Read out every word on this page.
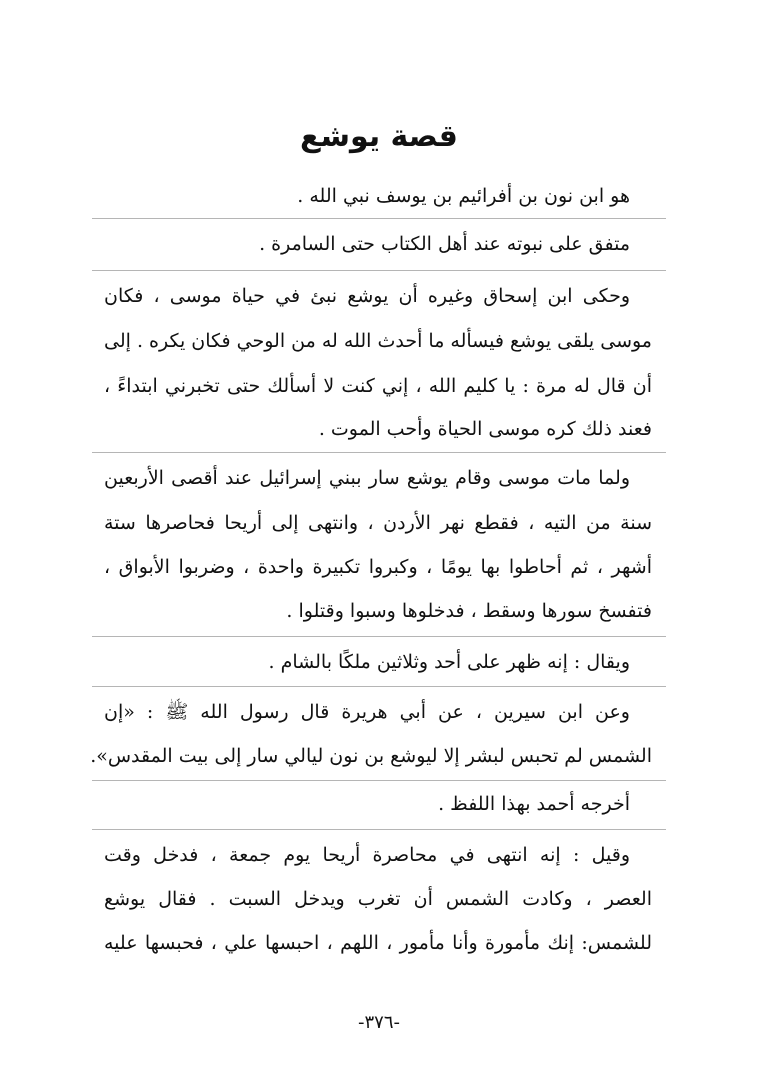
قصة يوشع

هو ابن نون بن أفرائيم بن يوسف نبي الله .

متفق على نبوته عند أهل الكتاب حتى السامرة .

وحكى ابن إسحاق وغيره أن يوشع نبئ في حياة موسى ، فكان

موسى يلقى يوشع فيسأله ما أحدث الله له من الوحي فكان يكره . إلى

أن قال له مرة : يا كليم الله ، إني كنت لا أسألك حتى تخبرني ابتداءً ،

فعند ذلك كره موسى الحياة وأحب الموت .

ولما مات موسى وقام يوشع سار ببني إسرائيل عند أقصى الأربعين

سنة من التيه ، فقطع نهر الأردن ، وانتهى إلى أريحا فحاصرها ستة

أشهر ، ثم أحاطوا بها يومًا ، وكبروا تكبيرة واحدة ، وضربوا الأبواق ،

فتفسخ سورها وسقط ، فدخلوها وسبوا وقتلوا .

ويقال : إنه ظهر على أحد وثلاثين ملكًا بالشام .

وعن ابن سيرين ، عن أبي هريرة قال رسول الله ﷺ : «إن

الشمس لم تحبس لبشر إلا ليوشع بن نون ليالي سار إلى بيت المقدس».

أخرجه أحمد بهذا اللفظ .

وقيل : إنه انتهى في محاصرة أريحا يوم جمعة ، فدخل وقت

العصر ، وكادت الشمس أن تغرب ويدخل السبت . فقال يوشع

للشمس: إنك مأمورة وأنا مأمور ، اللهم ، احبسها علي ، فحبسها عليه

-٣٧٦-
